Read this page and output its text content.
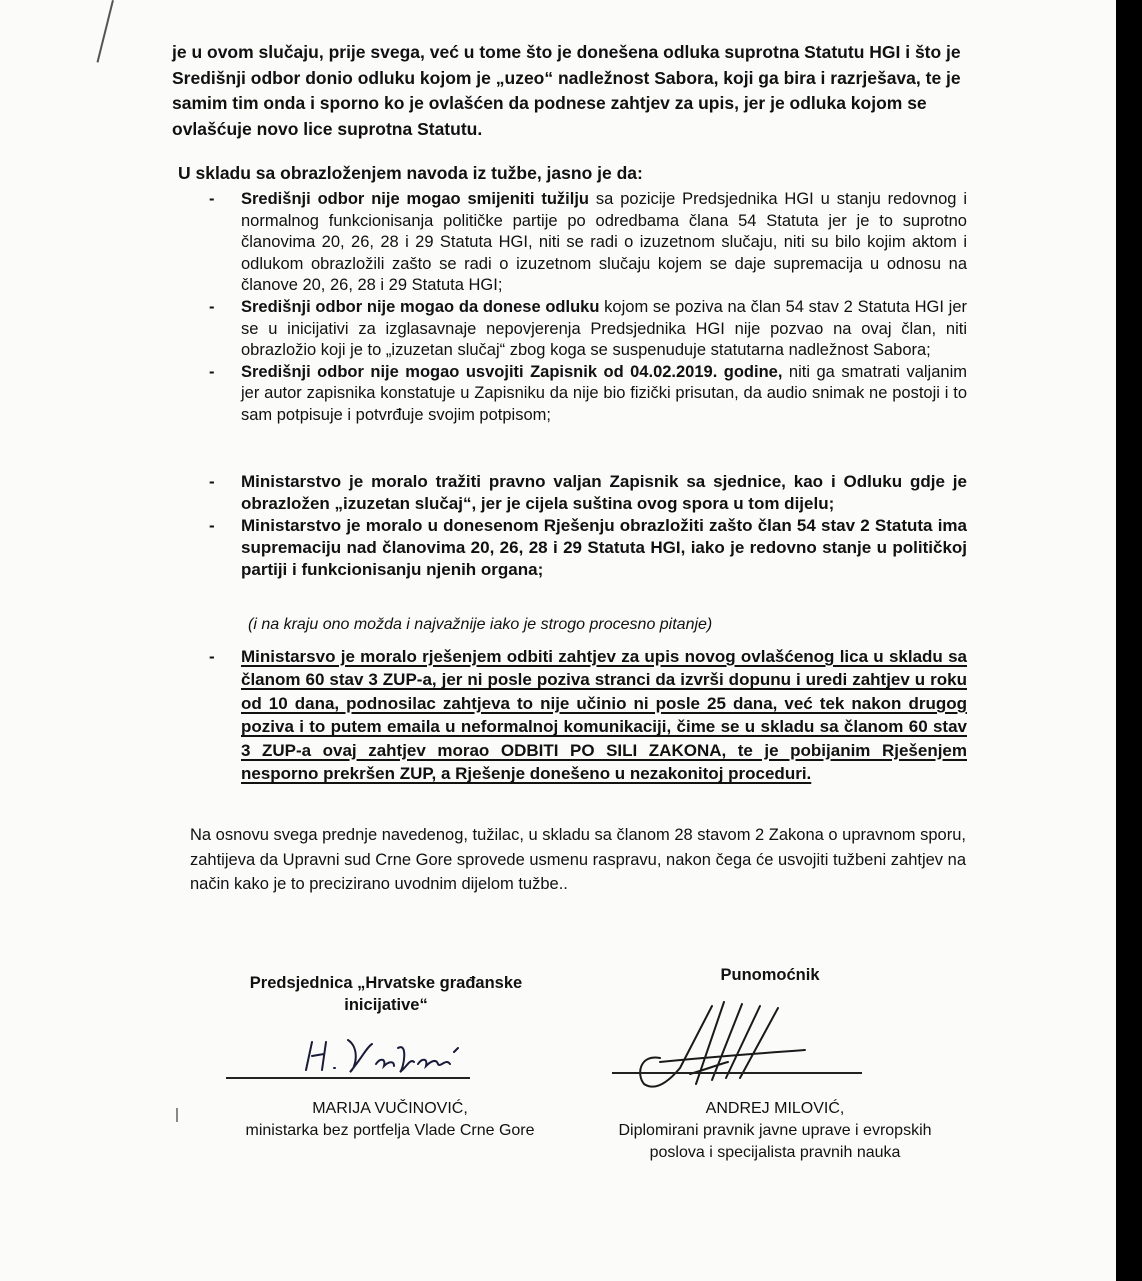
je u ovom slučaju, prije svega, već u tome što je donešena odluka suprotna Statutu HGI i što je Središnji odbor donio odluku kojom je „uzeo“ nadležnost Sabora, koji ga bira i razrješava, te je samim tim onda i sporno ko je ovlašćen da podnese zahtjev za upis, jer je odluka kojom se ovlašćuje novo lice suprotna Statutu.

U skladu sa obrazloženjem navoda iz tužbe, jasno je da:

- Središnji odbor nije mogao smijeniti tužilju sa pozicije Predsjednika HGI u stanju redovnog i normalnog funkcionisanja političke partije po odredbama člana 54 Statuta jer je to suprotno članovima 20, 26, 28 i 29 Statuta HGI, niti se radi o izuzetnom slučaju, niti su bilo kojim aktom i odlukom obrazložili zašto se radi o izuzetnom slučaju kojem se daje supremacija u odnosu na članove 20, 26, 28 i 29 Statuta HGI;
- Središnji odbor nije mogao da donese odluku kojom se poziva na član 54 stav 2 Statuta HGI jer se u inicijativi za izglasavnaje nepovjerenja Predsjednika HGI nije pozvao na ovaj član, niti obrazložio koji je to „izuzetan slučaj“ zbog koga se suspenuduje statutarna nadležnost Sabora;
- Središnji odbor nije mogao usvojiti Zapisnik od 04.02.2019. godine, niti ga smatrati valjanim jer autor zapisnika konstatuje u Zapisniku da nije bio fizički prisutan, da audio snimak ne postoji i to sam potpisuje i potvrđuje svojim potpisom;
- Ministarstvo je moralo tražiti pravno valjan Zapisnik sa sjednice, kao i Odluku gdje je obrazložen „izuzetan slučaj“, jer je cijela suština ovog spora u tom dijelu;
- Ministarstvo je moralo u donesenom Rješenju obrazložiti zašto član 54 stav 2 Statuta ima supremaciju nad članovima 20, 26, 28 i 29 Statuta HGI, iako je redovno stanje u političkoj partiji i funkcionisanju njenih organa;

(i na kraju ono možda i najvažnije iako je strogo procesno pitanje)

- Ministarsvo je moralo rješenjem odbiti zahtjev za upis novog ovlašćenog lica u skladu sa članom 60 stav 3 ZUP-a, jer ni posle poziva stranci da izvrši dopunu i uredi zahtjev u roku od 10 dana, podnosilac zahtjeva to nije učinio ni posle 25 dana, već tek nakon drugog poziva i to putem emaila u neformalnoj komunikaciji, čime se u skladu sa članom 60 stav 3 ZUP-a ovaj zahtjev morao ODBITI PO SILI ZAKONA, te je pobijanim Rješenjem nesporno prekršen ZUP, a Rješenje donešeno u nezakonitoj proceduri.

Na osnovu svega prednje navedenog, tužilac, u skladu sa članom 28 stavom 2 Zakona o upravnom sporu, zahtijeva da Upravni sud Crne Gore sprovede usmenu raspravu, nakon čega će usvojiti tužbeni zahtjev na način kako je to precizirano uvodnim dijelom tužbe..

Predsjednica „Hrvatske građanske
inicijative“
MARIJA VUČINOVIĆ,
ministarka bez portfelja Vlade Crne Gore
Punomoćnik
ANDREJ MILOVIĆ,
Diplomirani pravnik javne uprave i evropskih
poslova i specijalista pravnih nauka
